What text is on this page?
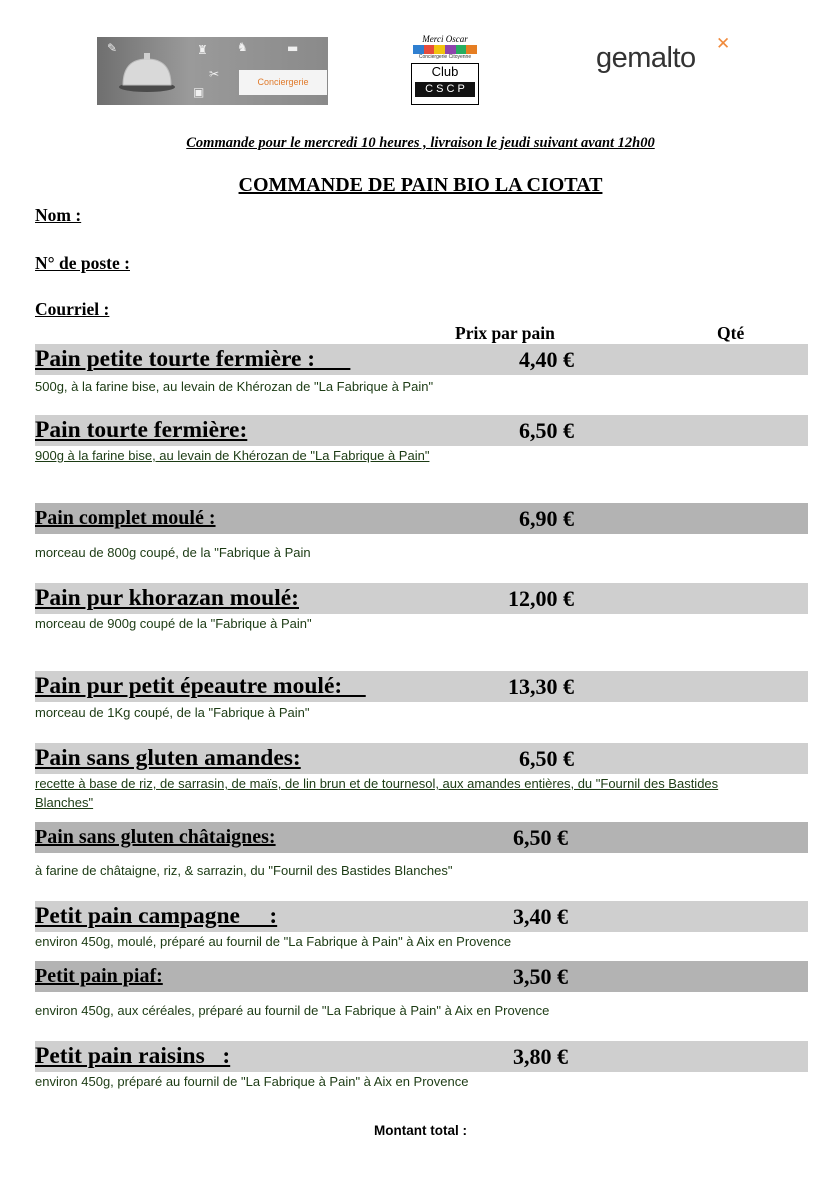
✎	♜ ♞	▬
✂
▣
Conciergerie
Merci Oscar
Conciergerie Citoyenne
Club
C S C P
gemalto ✕
Commande pour le mercredi 10 heures , livraison le jeudi suivant avant 12h00
COMMANDE DE PAIN BIO LA CIOTAT
Nom :
N° de poste :
Courriel :
Prix par pain	Qté
Pain petite tourte fermière :	4,40 €
500g, à la farine bise, au levain de Khérozan de "La Fabrique à Pain"
Pain tourte fermière:	6,50 €
900g à la farine bise, au levain de Khérozan de "La Fabrique à Pain"
Pain complet moulé :	6,90 €
morceau de 800g coupé, de la "Fabrique à Pain
Pain pur khorazan moulé:	12,00 €
morceau de 900g coupé de la "Fabrique à Pain"
Pain pur petit épeautre moulé:	13,30 €
morceau de 1Kg coupé, de la "Fabrique à Pain"
Pain sans gluten amandes:	6,50 €
recette à base de riz, de sarrasin, de maïs, de lin brun et de tournesol, aux amandes entières, du "Fournil des Bastides Blanches"
Pain sans gluten châtaignes:	6,50 €
à farine de châtaigne, riz, & sarrazin, du "Fournil des Bastides Blanches"
Petit pain campagne     :	3,40 €
environ 450g, moulé, préparé au fournil de "La Fabrique à Pain" à Aix en Provence
Petit pain piaf:	3,50 €
environ 450g, aux céréales, préparé au fournil de "La Fabrique à Pain" à Aix en Provence
Petit pain raisins   :	3,80 €
environ 450g, préparé au fournil de "La Fabrique à Pain" à Aix en Provence
Montant total :
